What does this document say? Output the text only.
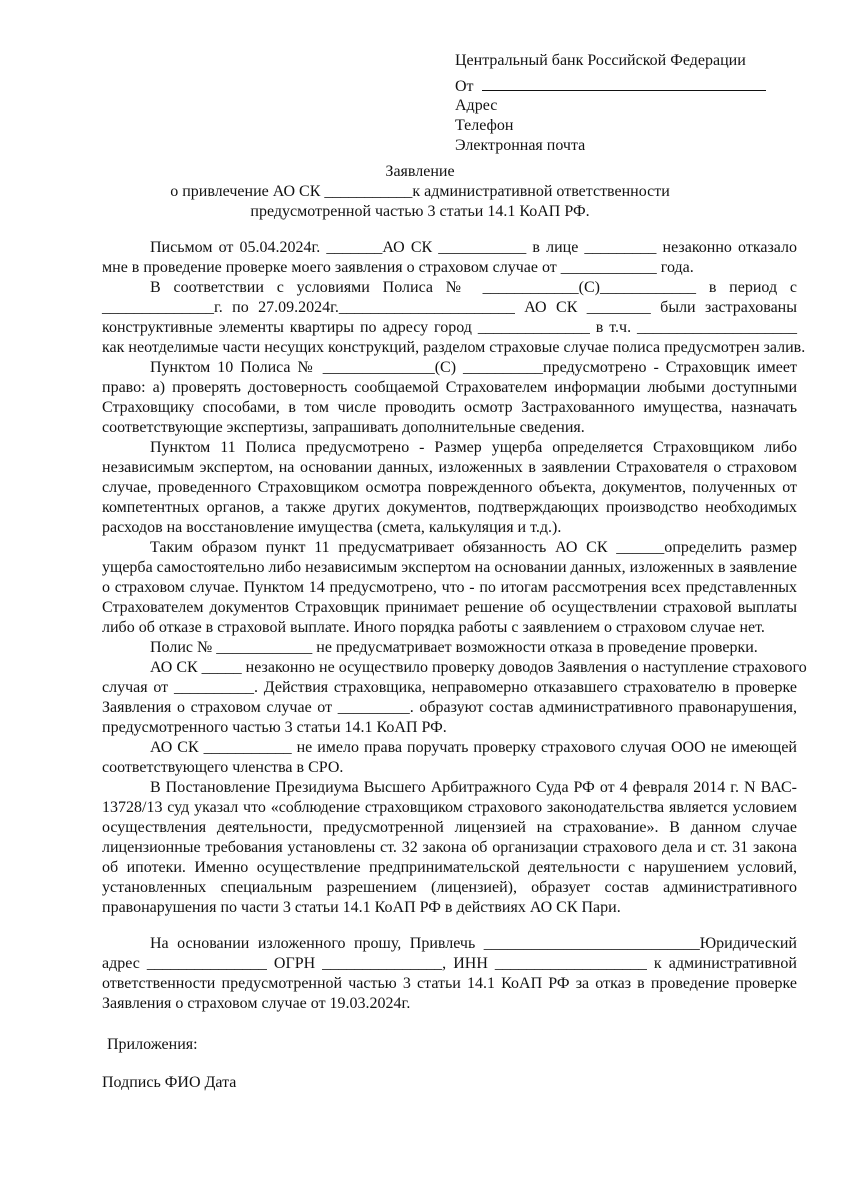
Центральный банк Российской Федерации
От
Адрес
Телефон
Электронная почта
Заявление
о привлечение АО СК ___________к административной ответственности
предусмотренной частью 3 статьи 14.1 КоАП РФ.
Письмом от 05.04.2024г. _______АО СК ___________ в лице _________ незаконно отказало
мне в проведение проверке моего заявления о страховом случае от ____________ года.
В соответствии с условиями Полиса № ____________(С)____________ в период с
______________г. по 27.09.2024г.______________________ АО СК ________ были застрахованы
конструктивные элементы квартиры по адресу город ______________ в т.ч. ____________________
как неотделимые части несущих конструкций, разделом страховые случае полиса предусмотрен залив.
Пунктом 10 Полиса № ______________(С) __________предусмотрено - Страховщик имеет
право: а) проверять достоверность сообщаемой Страхователем информации любыми доступными
Страховщику способами, в том числе проводить осмотр Застрахованного имущества, назначать
соответствующие экспертизы, запрашивать дополнительные сведения.
Пунктом 11 Полиса предусмотрено - Размер ущерба определяется Страховщиком либо
независимым экспертом, на основании данных, изложенных в заявлении Страхователя о страховом
случае, проведенного Страховщиком осмотра поврежденного объекта, документов, полученных от
компетентных органов, а также других документов, подтверждающих производство необходимых
расходов на восстановление имущества (смета, калькуляция и т.д.).
Таким образом пункт 11 предусматривает обязанность АО СК ______определить размер
ущерба самостоятельно либо независимым экспертом на основании данных, изложенных в заявление
о страховом случае. Пунктом 14 предусмотрено, что - по итогам рассмотрения всех представленных
Страхователем документов Страховщик принимает решение об осуществлении страховой выплаты
либо об отказе в страховой выплате. Иного порядка работы с заявлением о страховом случае нет.
Полис № ____________ не предусматривает возможности отказа в проведение проверки.
АО СК _____ незаконно не осуществило проверку доводов Заявления о наступление страхового
случая от __________. Действия страховщика, неправомерно отказавшего страхователю в проверке
Заявления о страховом случае от _________. образуют состав административного правонарушения,
предусмотренного частью 3 статьи 14.1 КоАП РФ.
АО СК ___________ не имело права поручать проверку страхового случая ООО не имеющей
соответствующего членства в СРО.
В Постановление Президиума Высшего Арбитражного Суда РФ от 4 февраля 2014 г. N ВАС-
13728/13 суд указал что «соблюдение страховщиком страхового законодательства является условием
осуществления деятельности, предусмотренной лицензией на страхование». В данном случае
лицензионные требования установлены ст. 32 закона об организации страхового дела и ст. 31 закона
об ипотеки. Именно осуществление предпринимательской деятельности с нарушением условий,
установленных специальным разрешением (лицензией), образует состав административного
правонарушения по части 3 статьи 14.1 КоАП РФ в действиях АО СК Пари.
На основании изложенного прошу, Привлечь ___________________________Юридический
адрес _______________ ОГРН _______________, ИНН ___________________ к административной
ответственности предусмотренной частью 3 статьи 14.1 КоАП РФ за отказ в проведение проверке
Заявления о страховом случае от 19.03.2024г.
Приложения:
Подпись ФИО Дата
